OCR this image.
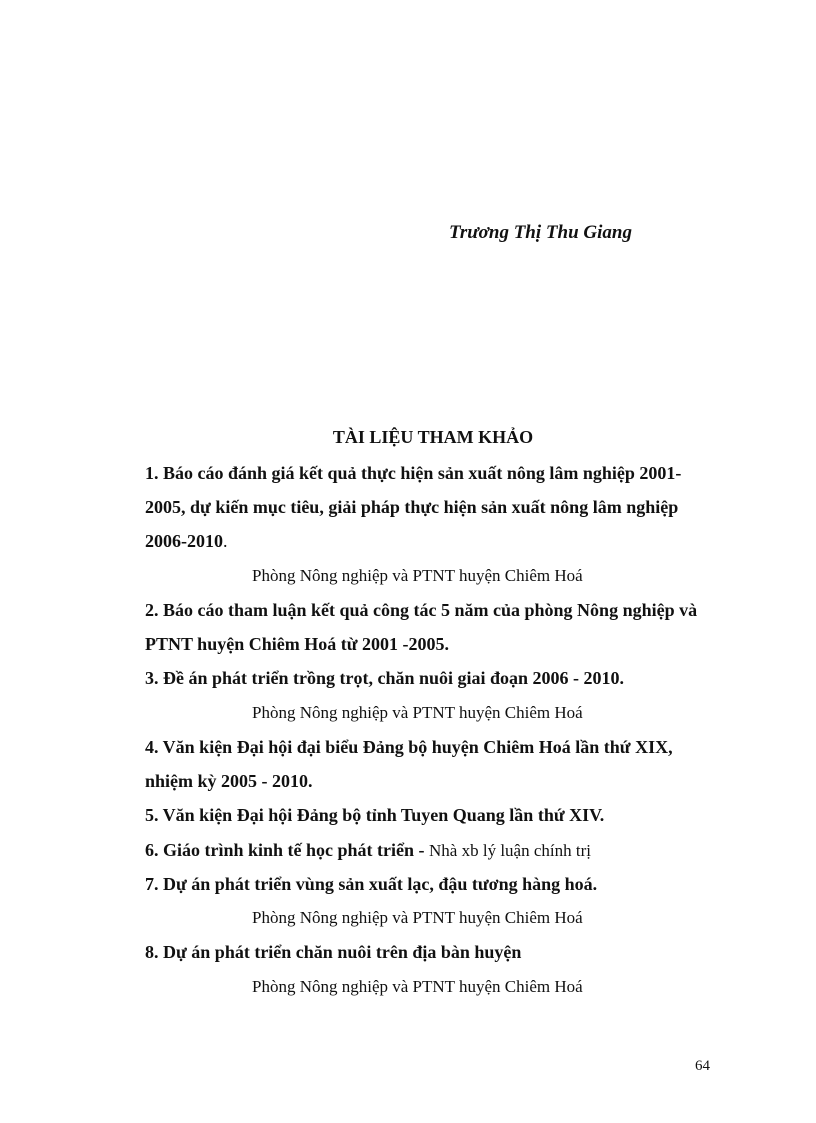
Trương Thị Thu Giang
TÀI LIỆU THAM KHẢO
1. Báo cáo đánh giá kết quả thực hiện sản xuất nông lâm nghiệp 2001-
2005, dự kiến mục tiêu, giải pháp thực hiện sản xuất nông lâm nghiệp
2006-2010.
Phòng Nông nghiệp và PTNT huyện Chiêm Hoá
2. Báo cáo tham luận kết quả công tác 5 năm của phòng Nông nghiệp và
PTNT huyện Chiêm Hoá từ 2001 -2005.
3. Đề án phát triển trồng trọt, chăn nuôi giai đoạn 2006 - 2010.
Phòng Nông nghiệp và PTNT huyện Chiêm Hoá
4. Văn kiện Đại hội đại biểu Đảng bộ huyện Chiêm Hoá lần thứ XIX,
nhiệm kỳ 2005 - 2010.
5. Văn kiện Đại hội Đảng bộ tỉnh Tuyen Quang lần thứ XIV.
6. Giáo trình kinh tế học phát triển - Nhà xb lý luận chính trị
7. Dự án phát triển vùng sản xuất lạc, đậu tương hàng hoá.
Phòng Nông nghiệp và PTNT huyện Chiêm Hoá
8. Dự án phát triển chăn nuôi trên địa bàn huyện
Phòng Nông nghiệp và PTNT huyện Chiêm Hoá
64
